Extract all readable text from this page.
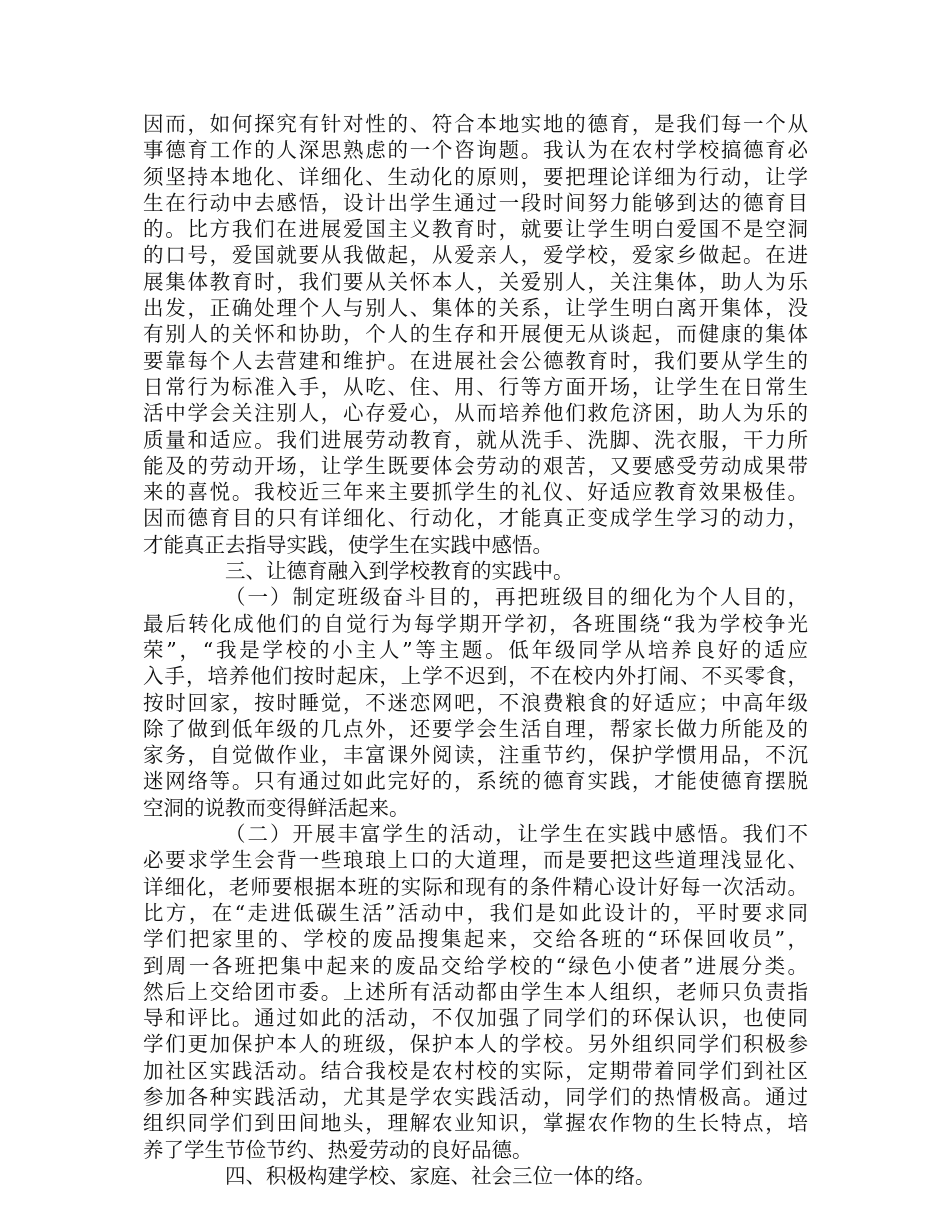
因而，如何探究有针对性的、符合本地实地的德育，是我们每一个从
事德育工作的人深思熟虑的一个咨询题。我认为在农村学校搞德育必
须坚持本地化、详细化、生动化的原则，要把理论详细为行动，让学
生在行动中去感悟，设计出学生通过一段时间努力能够到达的德育目
的。比方我们在进展爱国主义教育时，就要让学生明白爱国不是空洞
的口号，爱国就要从我做起，从爱亲人，爱学校，爱家乡做起。在进
展集体教育时，我们要从关怀本人，关爱别人，关注集体，助人为乐
出发，正确处理个人与别人、集体的关系，让学生明白离开集体，没
有别人的关怀和协助，个人的生存和开展便无从谈起，而健康的集体
要靠每个人去营建和维护。在进展社会公德教育时，我们要从学生的
日常行为标准入手，从吃、住、用、行等方面开场，让学生在日常生
活中学会关注别人，心存爱心，从而培养他们救危济困，助人为乐的
质量和适应。我们进展劳动教育，就从洗手、洗脚、洗衣服，干力所
能及的劳动开场，让学生既要体会劳动的艰苦，又要感受劳动成果带
来的喜悦。我校近三年来主要抓学生的礼仪、好适应教育效果极佳。
因而德育目的只有详细化、行动化，才能真正变成学生学习的动力，
才能真正去指导实践，使学生在实践中感悟。
三、让德育融入到学校教育的实践中。
（一）制定班级奋斗目的，再把班级目的细化为个人目的，
最后转化成他们的自觉行为每学期开学初，各班围绕“我为学校争光
荣”，“我是学校的小主人”等主题。低年级同学从培养良好的适应
入手，培养他们按时起床，上学不迟到，不在校内外打闹、不买零食，
按时回家，按时睡觉，不迷恋网吧，不浪费粮食的好适应；中高年级
除了做到低年级的几点外，还要学会生活自理，帮家长做力所能及的
家务，自觉做作业，丰富课外阅读，注重节约，保护学惯用品，不沉
迷网络等。只有通过如此完好的，系统的德育实践，才能使德育摆脱
空洞的说教而变得鲜活起来。
（二）开展丰富学生的活动，让学生在实践中感悟。我们不
必要求学生会背一些琅琅上口的大道理，而是要把这些道理浅显化、
详细化，老师要根据本班的实际和现有的条件精心设计好每一次活动。
比方，在“走进低碳生活”活动中，我们是如此设计的，平时要求同
学们把家里的、学校的废品搜集起来，交给各班的“环保回收员”，
到周一各班把集中起来的废品交给学校的“绿色小使者”进展分类。
然后上交给团市委。上述所有活动都由学生本人组织，老师只负责指
导和评比。通过如此的活动，不仅加强了同学们的环保认识，也使同
学们更加保护本人的班级，保护本人的学校。另外组织同学们积极参
加社区实践活动。结合我校是农村校的实际，定期带着同学们到社区
参加各种实践活动，尤其是学农实践活动，同学们的热情极高。通过
组织同学们到田间地头，理解农业知识，掌握农作物的生长特点，培
养了学生节俭节约、热爱劳动的良好品德。
四、积极构建学校、家庭、社会三位一体的络。
